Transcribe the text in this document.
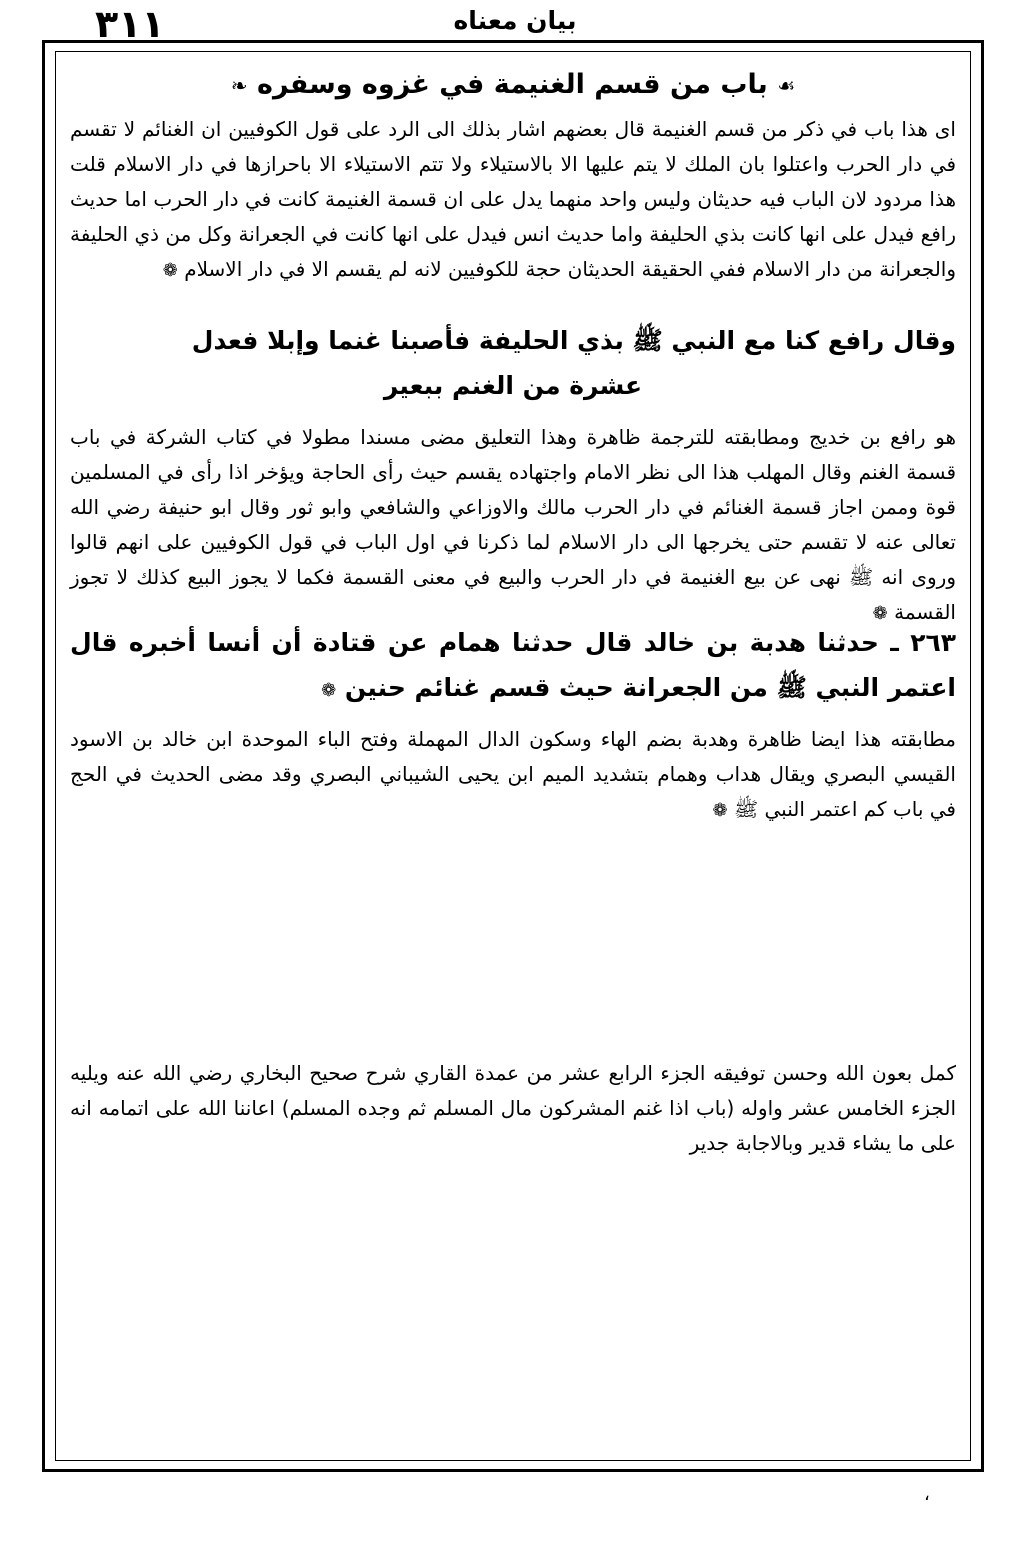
٣١١	بیان معناه
☙ باب من قسم الغنيمة في غزوه وسفره ❧
اى هذا باب في ذكر من قسم الغنيمة قال بعضهم اشار بذلك الى الرد على قول الكوفيين ان الغنائم لا تقسم في دار الحرب واعتلوا بان الملك لا يتم عليها الا بالاستيلاء ولا تتم الاستيلاء الا باحرازها في دار الاسلام قلت هذا مردود لان الباب فيه حديثان وليس واحد منهما يدل على ان قسمة الغنيمة كانت في دار الحرب اما حديث رافع فيدل على انها كانت بذي الحليفة واما حديث انس فيدل على انها كانت في الجعرانة وكل من ذي الحليفة والجعرانة من دار الاسلام ففي الحقيقة الحديثان حجة للكوفيين لانه لم يقسم الا في دار الاسلام ❁
وقال رافع كنا مع النبي ﷺ بذي الحليفة فأصبنا غنما وإبلا فعدل
عشرة من الغنم ببعير
هو رافع بن خديج ومطابقته للترجمة ظاهرة وهذا التعليق مضى مسندا مطولا في كتاب الشركة في باب قسمة الغنم وقال المهلب هذا الى نظر الامام واجتهاده يقسم حيث رأى الحاجة ويؤخر اذا رأى في المسلمين قوة وممن اجاز قسمة الغنائم في دار الحرب مالك والاوزاعي والشافعي وابو ثور وقال ابو حنيفة رضي الله تعالى عنه لا تقسم حتى يخرجها الى دار الاسلام لما ذكرنا في اول الباب في قول الكوفيين على انهم قالوا وروى انه ﷺ نهى عن بيع الغنيمة في دار الحرب والبيع في معنى القسمة فكما لا يجوز البيع كذلك لا تجوز القسمة ❁
٢٦٣ ـ حدثنا هدبة بن خالد قال حدثنا همام عن قتادة أن أنسا أخبره قال اعتمر النبي ﷺ من الجعرانة حيث قسم غنائم حنين ❁
مطابقته هذا ايضا ظاهرة وهدبة بضم الهاء وسكون الدال المهملة وفتح الباء الموحدة ابن خالد بن الاسود القيسي البصري ويقال هداب وهمام بتشديد الميم ابن يحيى الشيباني البصري وقد مضى الحديث في الحج في باب كم اعتمر النبي ﷺ ❁
كمل بعون الله وحسن توفيقه الجزء الرابع عشر من عمدة القاري شرح صحيح البخاري رضي الله عنه ويليه الجزء الخامس عشر واوله (باب اذا غنم المشركون مال المسلم ثم وجده المسلم) اعاننا الله على اتمامه انه على ما يشاء قدير وبالاجابة جدير
،
